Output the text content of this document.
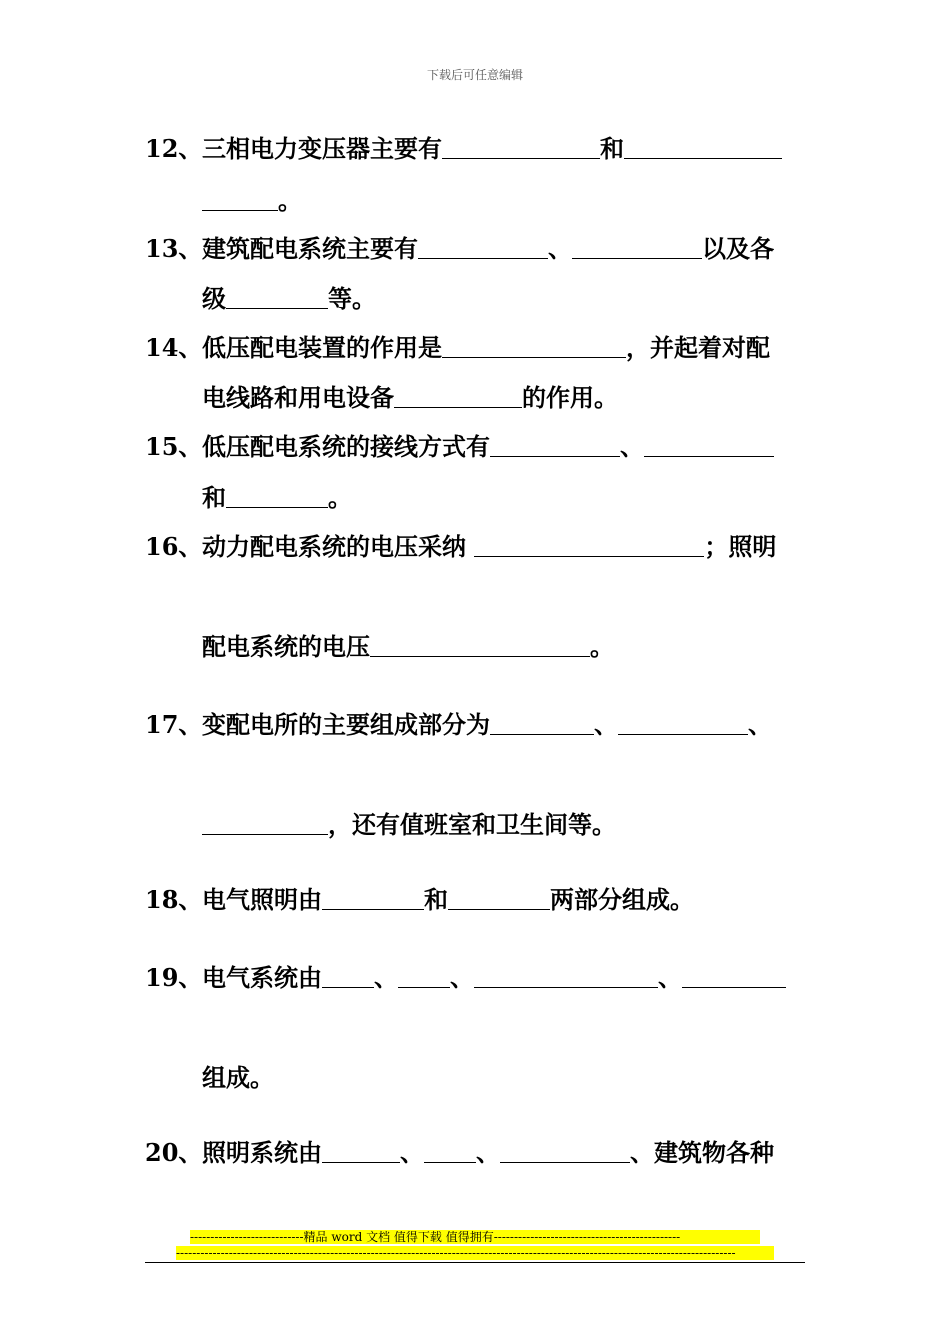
下载后可任意编辑
12、 三相电力变压器主要有	和
。
13、 建筑配电系统主要有	、	以及各
级	等。
14、 低压配电装置的作用是	，并起着对配
电线路和用电设备	的作用。
15、 低压配电系统的接线方式有	、
和	。
16、 动力配电系统的电压采纳	；照明
配电系统的电压	。
17、 变配电所的主要组成部分为	、	、
，还有值班室和卫生间等。
18、 电气照明由	和	两部分组成。
19、 电气系统由 、 、	、
组成。
20、 照明系统由	、 、	、建筑物各种
----------------------------精品 word 文档 值得下载 值得拥有----------------------------------------------
------------------------------------------------------------------------------------------------------------------------------------------
